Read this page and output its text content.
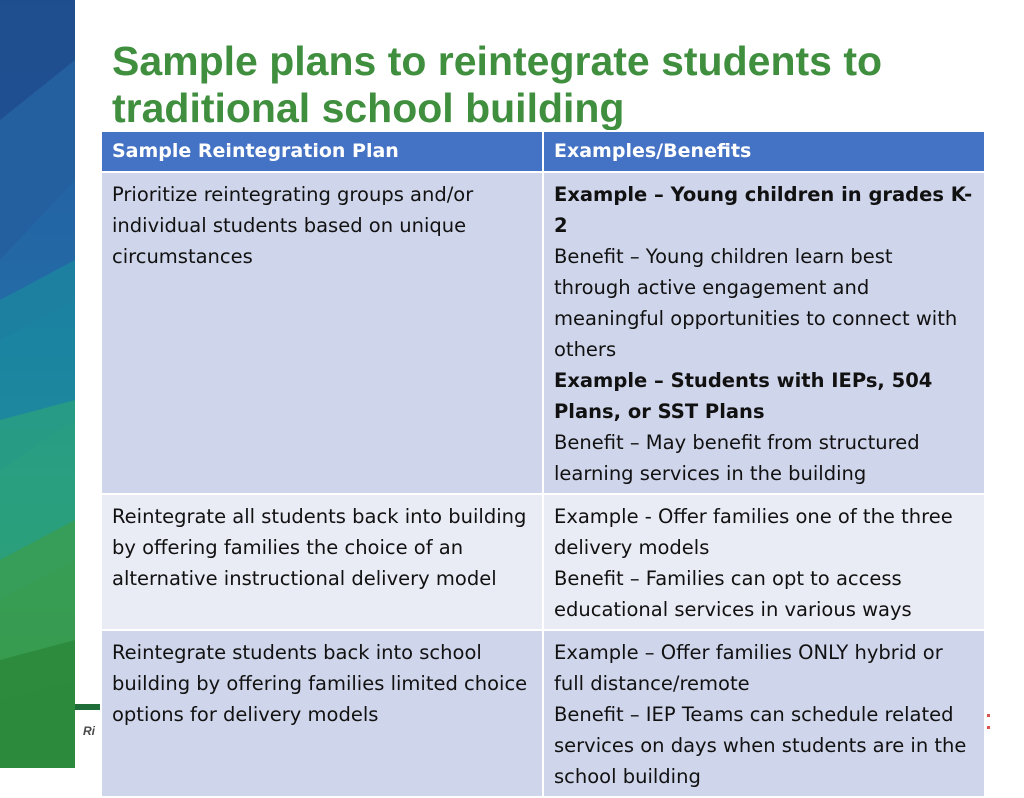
Ri
Sample plans to reintegrate students to traditional school building
Sample Reintegration Plan	Examples/Benefits
Prioritize reintegrating groups and/or individual students based on unique circumstances	Example – Young children in grades K-2
Benefit – Young children learn best through active engagement and meaningful opportunities to connect with others
Example – Students with IEPs, 504 Plans, or SST Plans
Benefit – May benefit from structured learning services in the building

Reintegrate all students back into building by offering families the choice of an alternative instructional delivery model	Example - Offer families one of the three delivery models
Benefit – Families can opt to access educational services in various ways

Reintegrate students back into school building by offering families limited choice options for delivery models	Example – Offer families ONLY hybrid or full distance/remote
Benefit – IEP Teams can schedule related services on days when students are in the school building
